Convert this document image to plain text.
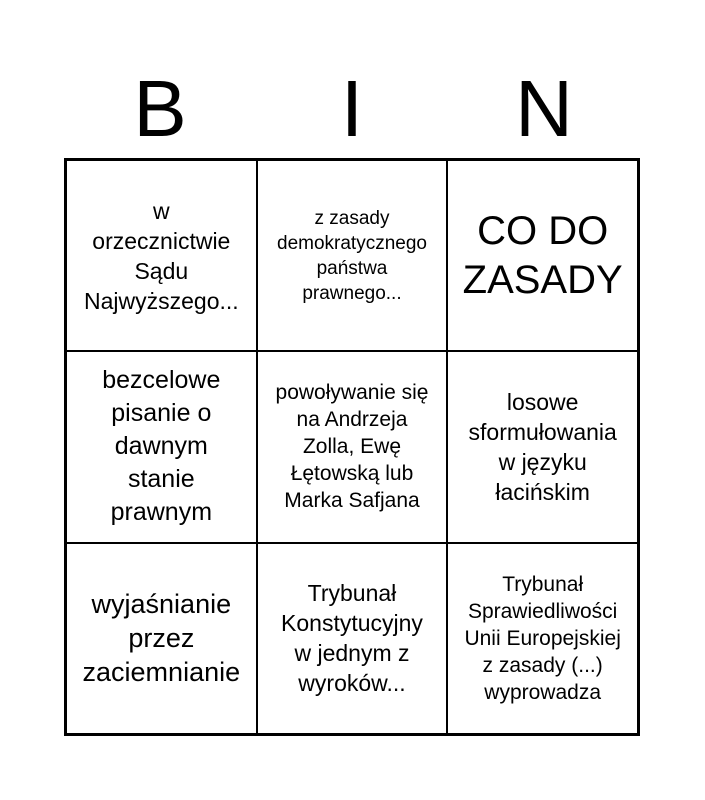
B	I	N
w
orzecznictwie
Sądu
Najwyższego...
z zasady
demokratycznego
państwa
prawnego...
CO DO
ZASADY
bezcelowe
pisanie o
dawnym
stanie
prawnym
powoływanie się
na Andrzeja
Zolla, Ewę
Łętowską lub
Marka Safjana
losowe
sformułowania
w języku
łacińskim
wyjaśnianie
przez
zaciemnianie
Trybunał
Konstytucyjny
w jednym z
wyroków...
Trybunał
Sprawiedliwości
Unii Europejskiej
z zasady (...)
wyprowadza
